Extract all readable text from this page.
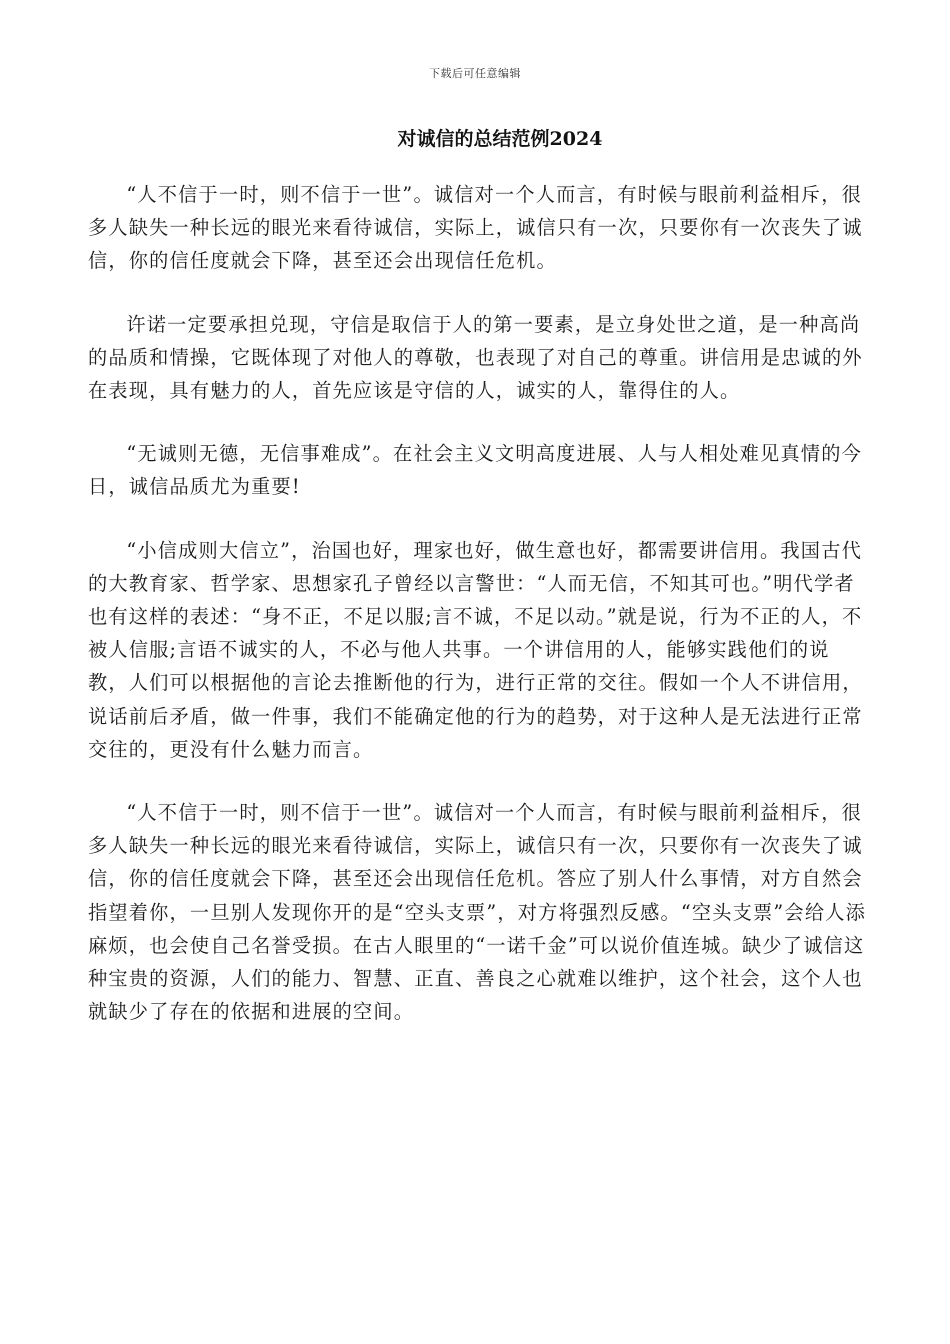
下载后可任意编辑
对诚信的总结范例2024

“人不信于一时，则不信于一世”。诚信对一个人而言，有时候与眼前利益相斥，很多人缺失一种长远的眼光来看待诚信，实际上，诚信只有一次，只要你有一次丧失了诚信，你的信任度就会下降，甚至还会出现信任危机。

许诺一定要承担兑现，守信是取信于人的第一要素，是立身处世之道，是一种高尚的品质和情操，它既体现了对他人的尊敬，也表现了对自己的尊重。讲信用是忠诚的外在表现，具有魅力的人，首先应该是守信的人，诚实的人，靠得住的人。

“无诚则无德，无信事难成”。在社会主义文明高度进展、人与人相处难见真情的今日，诚信品质尤为重要!

“小信成则大信立”，治国也好，理家也好，做生意也好，都需要讲信用。我国古代的大教育家、哲学家、思想家孔子曾经以言警世：“人而无信，不知其可也。”明代学者也有这样的表述：“身不正，不足以服;言不诚，不足以动。”就是说，行为不正的人，不被人信服;言语不诚实的人，不必与他人共事。一个讲信用的人，能够实践他们的说教，人们可以根据他的言论去推断他的行为，进行正常的交往。假如一个人不讲信用，说话前后矛盾，做一件事，我们不能确定他的行为的趋势，对于这种人是无法进行正常交往的，更没有什么魅力而言。

“人不信于一时，则不信于一世”。诚信对一个人而言，有时候与眼前利益相斥，很多人缺失一种长远的眼光来看待诚信，实际上，诚信只有一次，只要你有一次丧失了诚信，你的信任度就会下降，甚至还会出现信任危机。答应了别人什么事情，对方自然会指望着你，一旦别人发现你开的是“空头支票”，对方将强烈反感。“空头支票”会给人添麻烦，也会使自己名誉受损。在古人眼里的“一诺千金”可以说价值连城。缺少了诚信这种宝贵的资源，人们的能力、智慧、正直、善良之心就难以维护，这个社会，这个人也就缺少了存在的依据和进展的空间。
